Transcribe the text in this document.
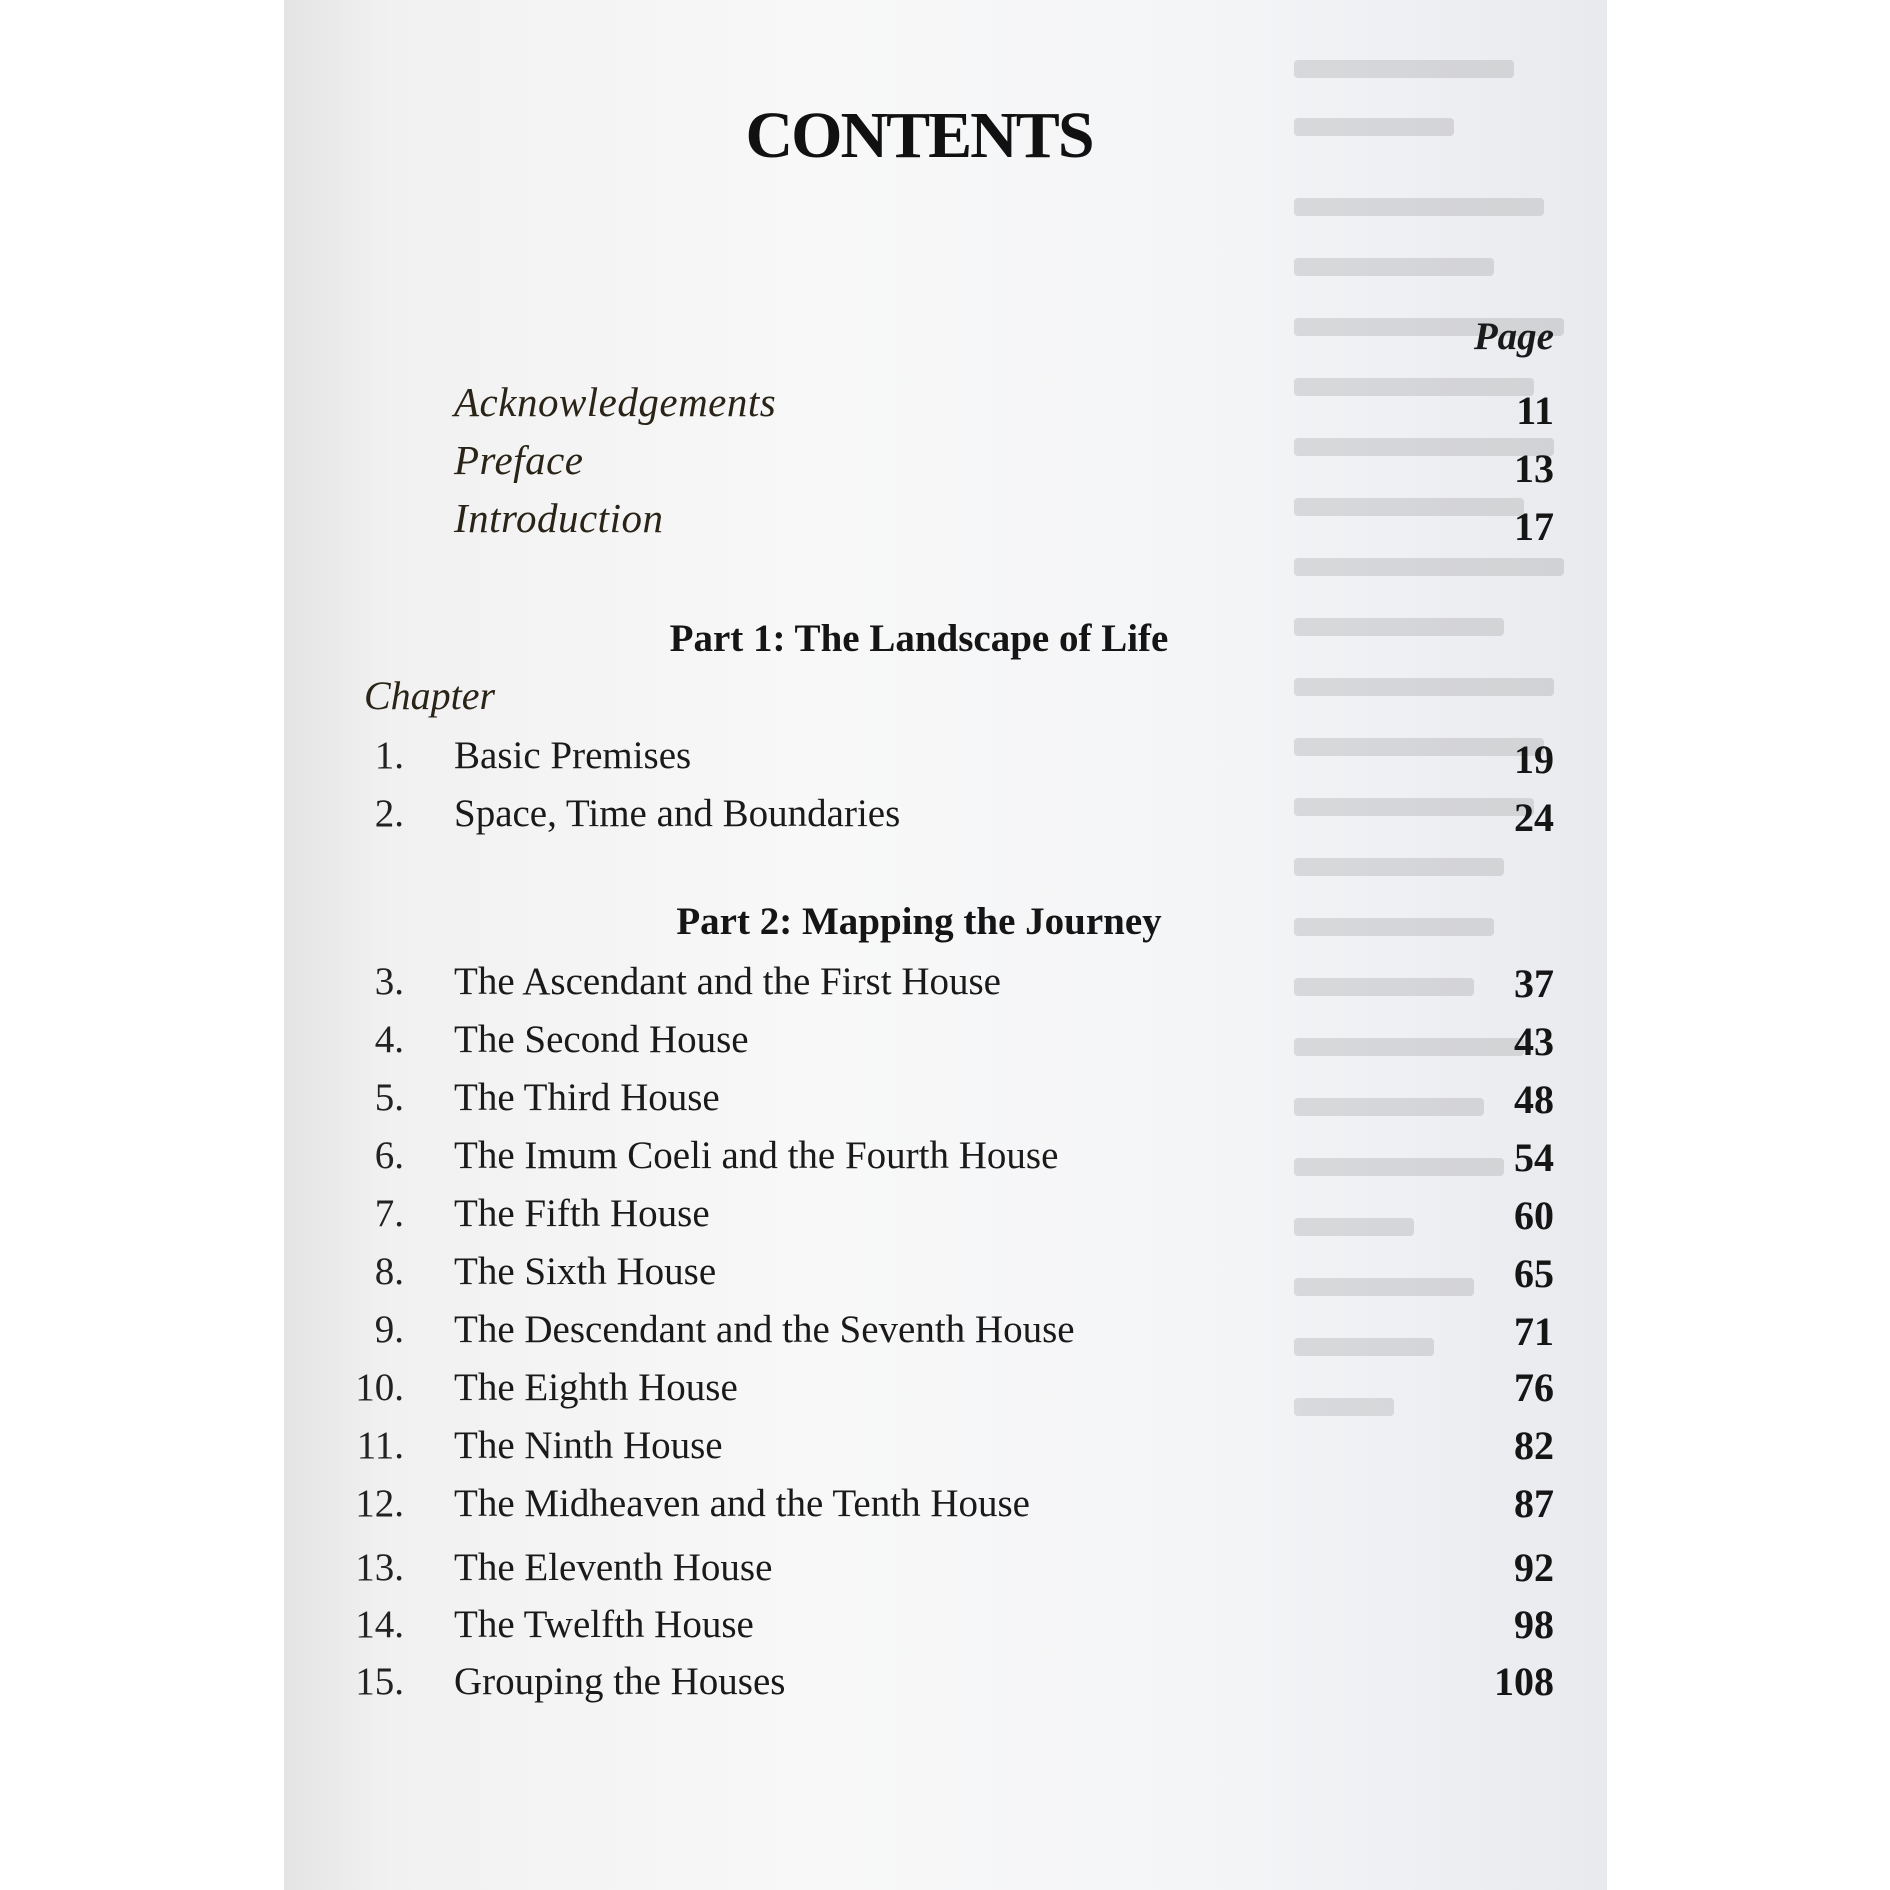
CONTENTS
Page
Acknowledgements	11
Preface	13
Introduction	17
Part 1: The Landscape of Life
Chapter
1. Basic Premises	19
2. Space, Time and Boundaries	24
Part 2: Mapping the Journey
3. The Ascendant and the First House	37
4. The Second House	43
5. The Third House	48
6. The Imum Coeli and the Fourth House	54
7. The Fifth House	60
8. The Sixth House	65
9. The Descendant and the Seventh House	71
10. The Eighth House	76
11. The Ninth House	82
12. The Midheaven and the Tenth House	87
13. The Eleventh House	92
14. The Twelfth House	98
15. Grouping the Houses	108
